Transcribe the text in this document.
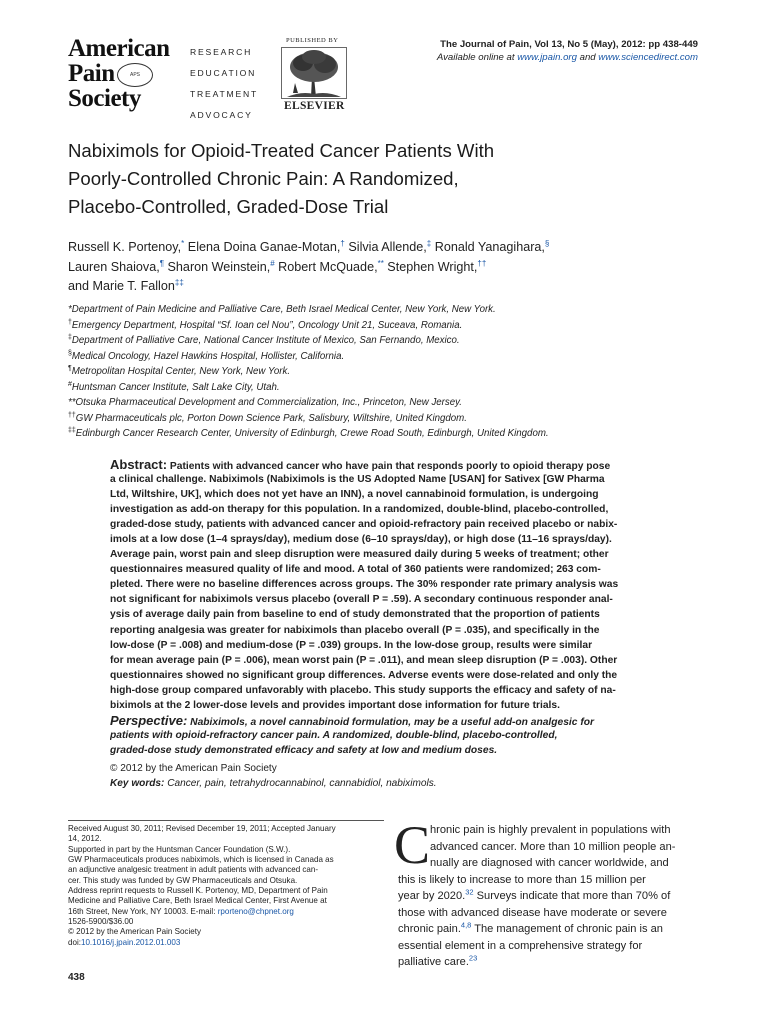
American
Pain
Society
APS
RESEARCH
EDUCATION
TREATMENT
ADVOCACY
PUBLISHED BY
ELSEVIER
The Journal of Pain, Vol 13, No 5 (May), 2012: pp 438-449
Available online at www.jpain.org and www.sciencedirect.com
Nabiximols for Opioid-Treated Cancer Patients With
Poorly-Controlled Chronic Pain: A Randomized,
Placebo-Controlled, Graded-Dose Trial
Russell K. Portenoy,* Elena Doina Ganae-Motan,† Silvia Allende,‡ Ronald Yanagihara,§
Lauren Shaiova,¶ Sharon Weinstein,# Robert McQuade,** Stephen Wright,††
and Marie T. Fallon‡‡
*Department of Pain Medicine and Palliative Care, Beth Israel Medical Center, New York, New York.
†Emergency Department, Hospital “Sf. Ioan cel Nou”, Oncology Unit 21, Suceava, Romania.
‡Department of Palliative Care, National Cancer Institute of Mexico, San Fernando, Mexico.
§Medical Oncology, Hazel Hawkins Hospital, Hollister, California.
¶Metropolitan Hospital Center, New York, New York.
#Huntsman Cancer Institute, Salt Lake City, Utah.
**Otsuka Pharmaceutical Development and Commercialization, Inc., Princeton, New Jersey.
††GW Pharmaceuticals plc, Porton Down Science Park, Salisbury, Wiltshire, United Kingdom.
‡‡Edinburgh Cancer Research Center, University of Edinburgh, Crewe Road South, Edinburgh, United Kingdom.
Abstract: Patients with advanced cancer who have pain that responds poorly to opioid therapy pose
a clinical challenge. Nabiximols (Nabiximols is the US Adopted Name [USAN] for Sativex [GW Pharma
Ltd, Wiltshire, UK], which does not yet have an INN), a novel cannabinoid formulation, is undergoing
investigation as add-on therapy for this population. In a randomized, double-blind, placebo-controlled,
graded-dose study, patients with advanced cancer and opioid-refractory pain received placebo or nabix-
imols at a low dose (1–4 sprays/day), medium dose (6–10 sprays/day), or high dose (11–16 sprays/day).
Average pain, worst pain and sleep disruption were measured daily during 5 weeks of treatment; other
questionnaires measured quality of life and mood. A total of 360 patients were randomized; 263 com-
pleted. There were no baseline differences across groups. The 30% responder rate primary analysis was
not significant for nabiximols versus placebo (overall P = .59). A secondary continuous responder anal-
ysis of average daily pain from baseline to end of study demonstrated that the proportion of patients
reporting analgesia was greater for nabiximols than placebo overall (P = .035), and specifically in the
low-dose (P = .008) and medium-dose (P = .039) groups. In the low-dose group, results were similar
for mean average pain (P = .006), mean worst pain (P = .011), and mean sleep disruption (P = .003). Other
questionnaires showed no significant group differences. Adverse events were dose-related and only the
high-dose group compared unfavorably with placebo. This study supports the efficacy and safety of na-
biximols at the 2 lower-dose levels and provides important dose information for future trials.
Perspective: Nabiximols, a novel cannabinoid formulation, may be a useful add-on analgesic for
patients with opioid-refractory cancer pain. A randomized, double-blind, placebo-controlled,
graded-dose study demonstrated efficacy and safety at low and medium doses.
© 2012 by the American Pain Society
Key words: Cancer, pain, tetrahydrocannabinol, cannabidiol, nabiximols.
Received August 30, 2011; Revised December 19, 2011; Accepted January
14, 2012.
Supported in part by the Huntsman Cancer Foundation (S.W.).
GW Pharmaceuticals produces nabiximols, which is licensed in Canada as
an adjunctive analgesic treatment in adult patients with advanced can-
cer. This study was funded by GW Pharmaceuticals and Otsuka.
Address reprint requests to Russell K. Portenoy, MD, Department of Pain
Medicine and Palliative Care, Beth Israel Medical Center, First Avenue at
16th Street, New York, NY 10003. E-mail: rporteno@chpnet.org
1526-5900/$36.00
© 2012 by the American Pain Society
doi:10.1016/j.jpain.2012.01.003
438
C hronic pain is highly prevalent in populations with
advanced cancer. More than 10 million people an-
nually are diagnosed with cancer worldwide, and
this is likely to increase to more than 15 million per
year by 2020.32 Surveys indicate that more than 70% of
those with advanced disease have moderate or severe
chronic pain.$^{4,8}$ The management of chronic pain is an
essential element in a comprehensive strategy for
palliative care.$^{23}$
